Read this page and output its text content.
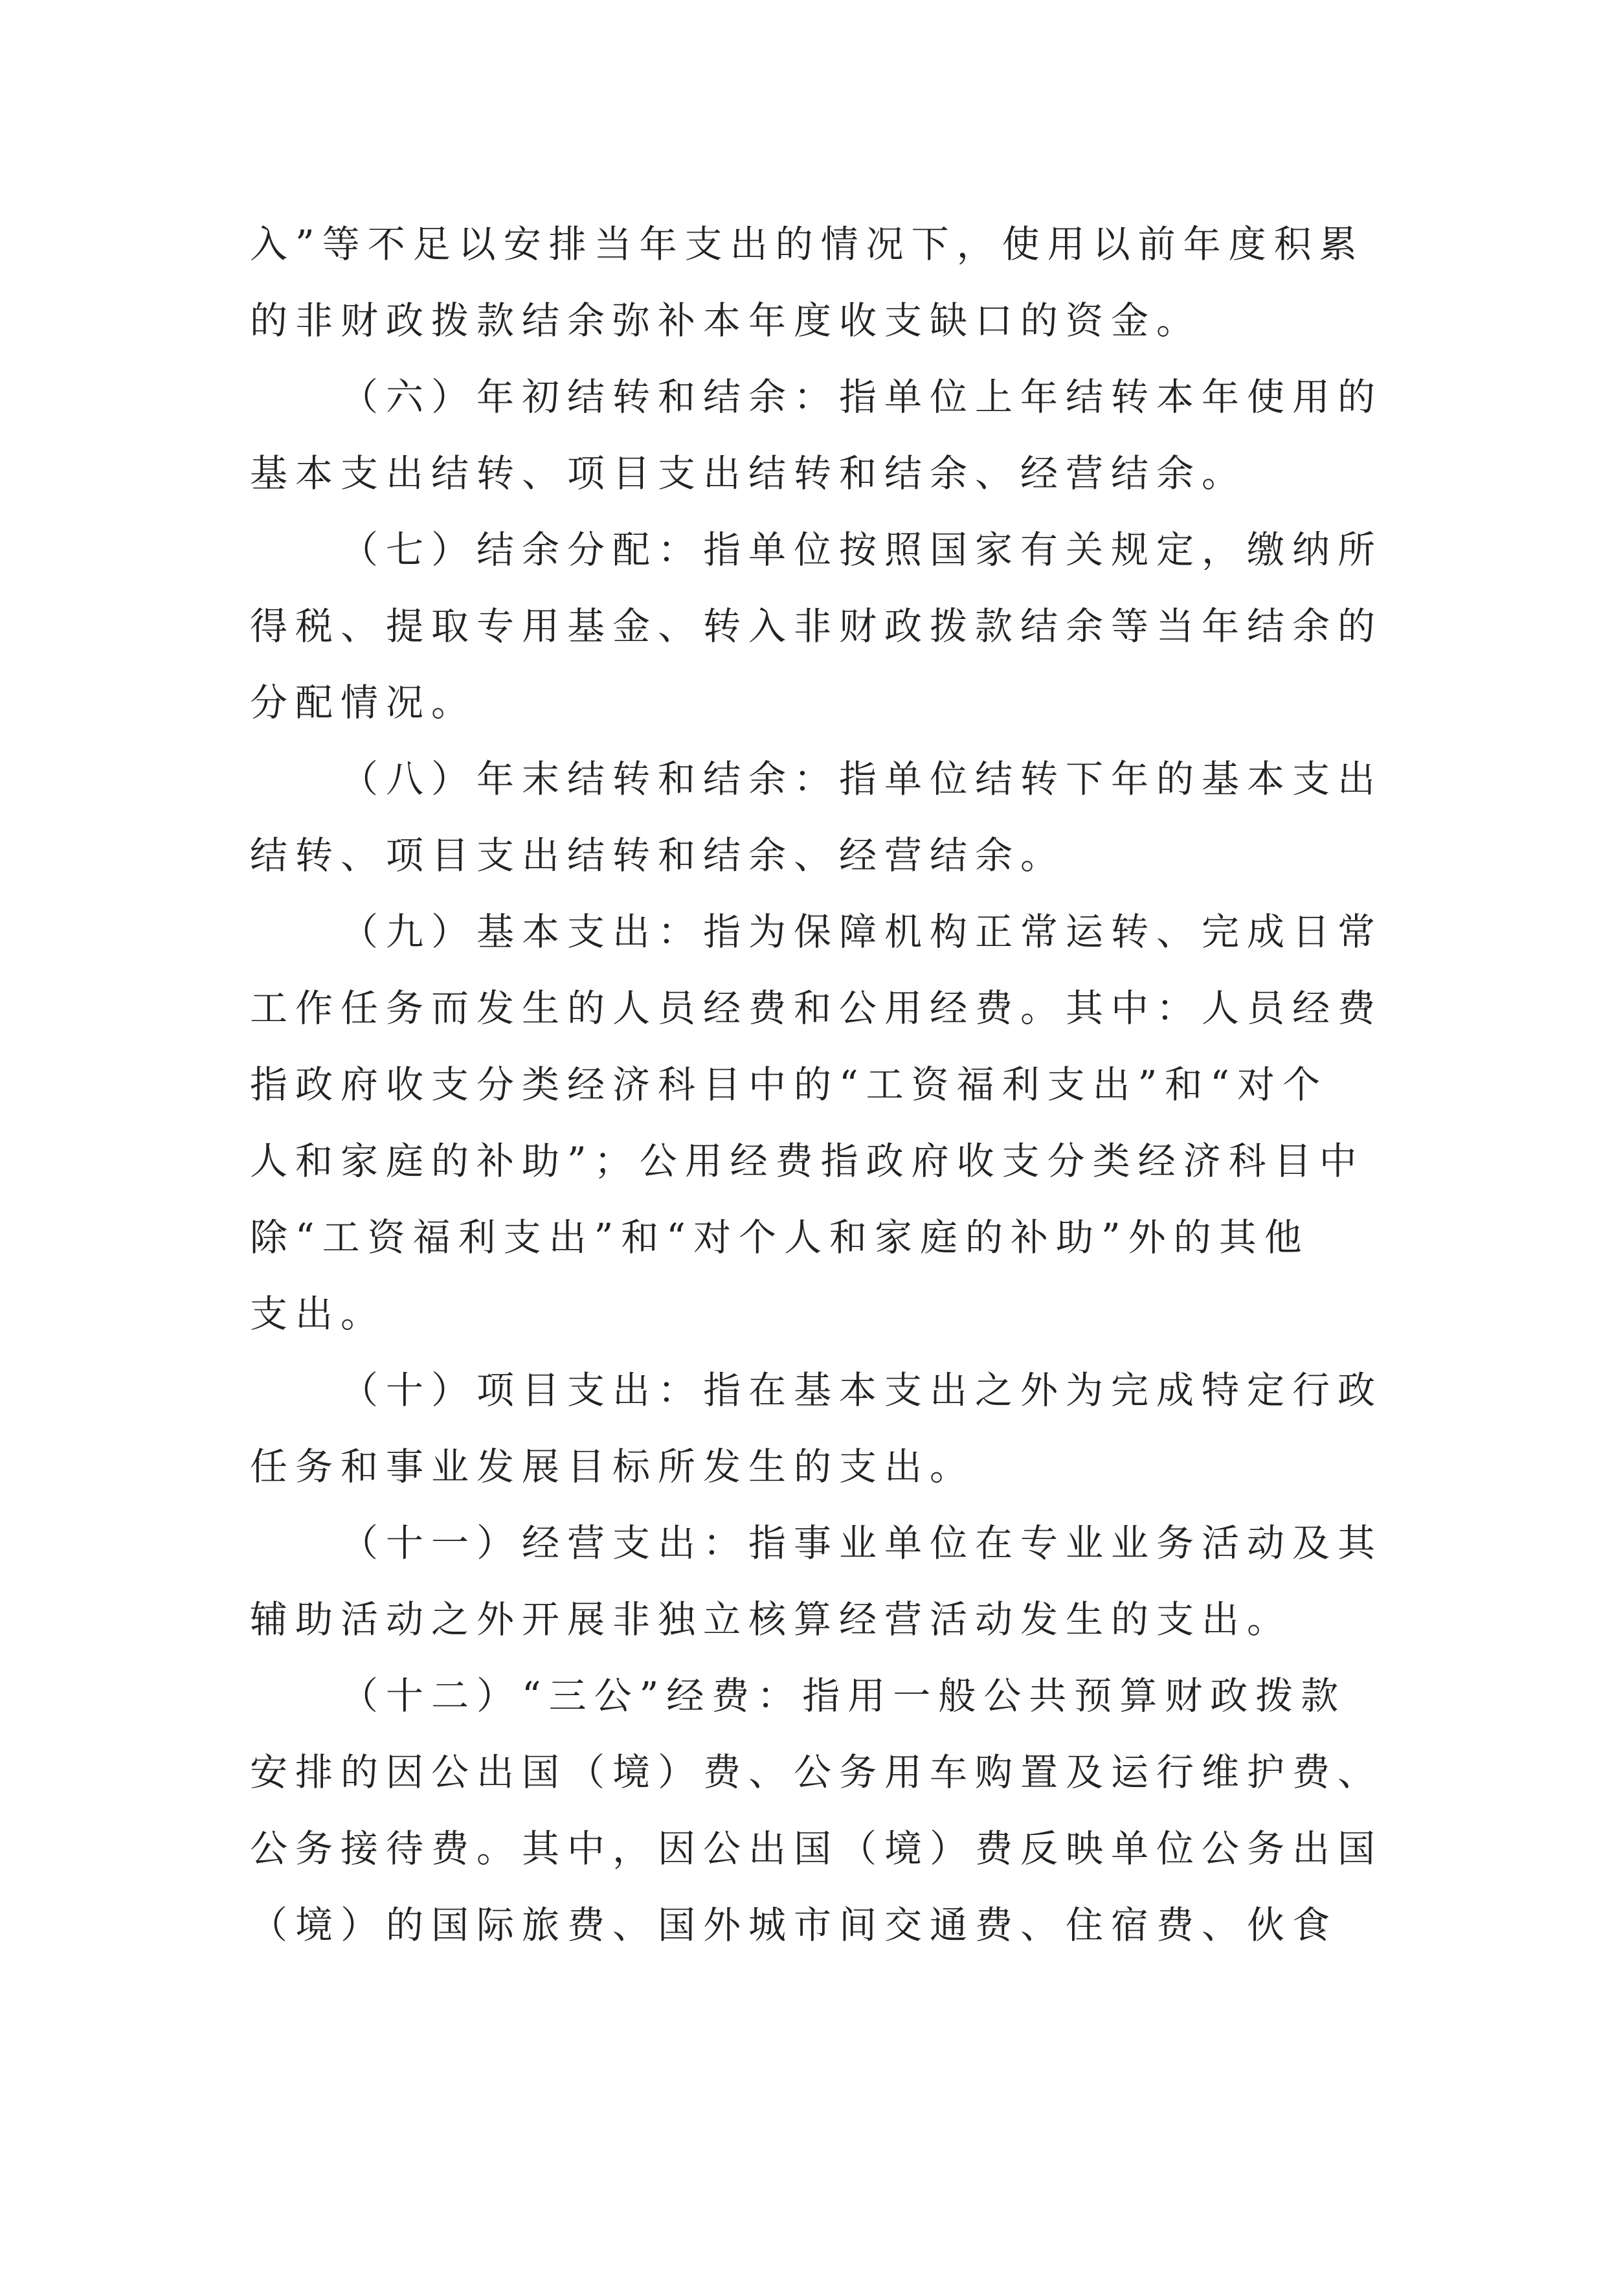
入”等不足以安排当年支出的情况下，使用以前年度积累
的非财政拨款结余弥补本年度收支缺口的资金。

（六）年初结转和结余：指单位上年结转本年使用的
基本支出结转、项目支出结转和结余、经营结余。

（七）结余分配：指单位按照国家有关规定，缴纳所
得税、提取专用基金、转入非财政拨款结余等当年结余的
分配情况。

（八）年末结转和结余：指单位结转下年的基本支出
结转、项目支出结转和结余、经营结余。

（九）基本支出：指为保障机构正常运转、完成日常
工作任务而发生的人员经费和公用经费。其中：人员经费
指政府收支分类经济科目中的“工资福利支出”和“对个
人和家庭的补助”；公用经费指政府收支分类经济科目中
除“工资福利支出”和“对个人和家庭的补助”外的其他
支出。

（十）项目支出：指在基本支出之外为完成特定行政
任务和事业发展目标所发生的支出。

（十一）经营支出：指事业单位在专业业务活动及其
辅助活动之外开展非独立核算经营活动发生的支出。

（十二）“三公”经费：指用一般公共预算财政拨款
安排的因公出国（境）费、公务用车购置及运行维护费、
公务接待费。其中，因公出国（境）费反映单位公务出国
（境）的国际旅费、国外城市间交通费、住宿费、伙食
